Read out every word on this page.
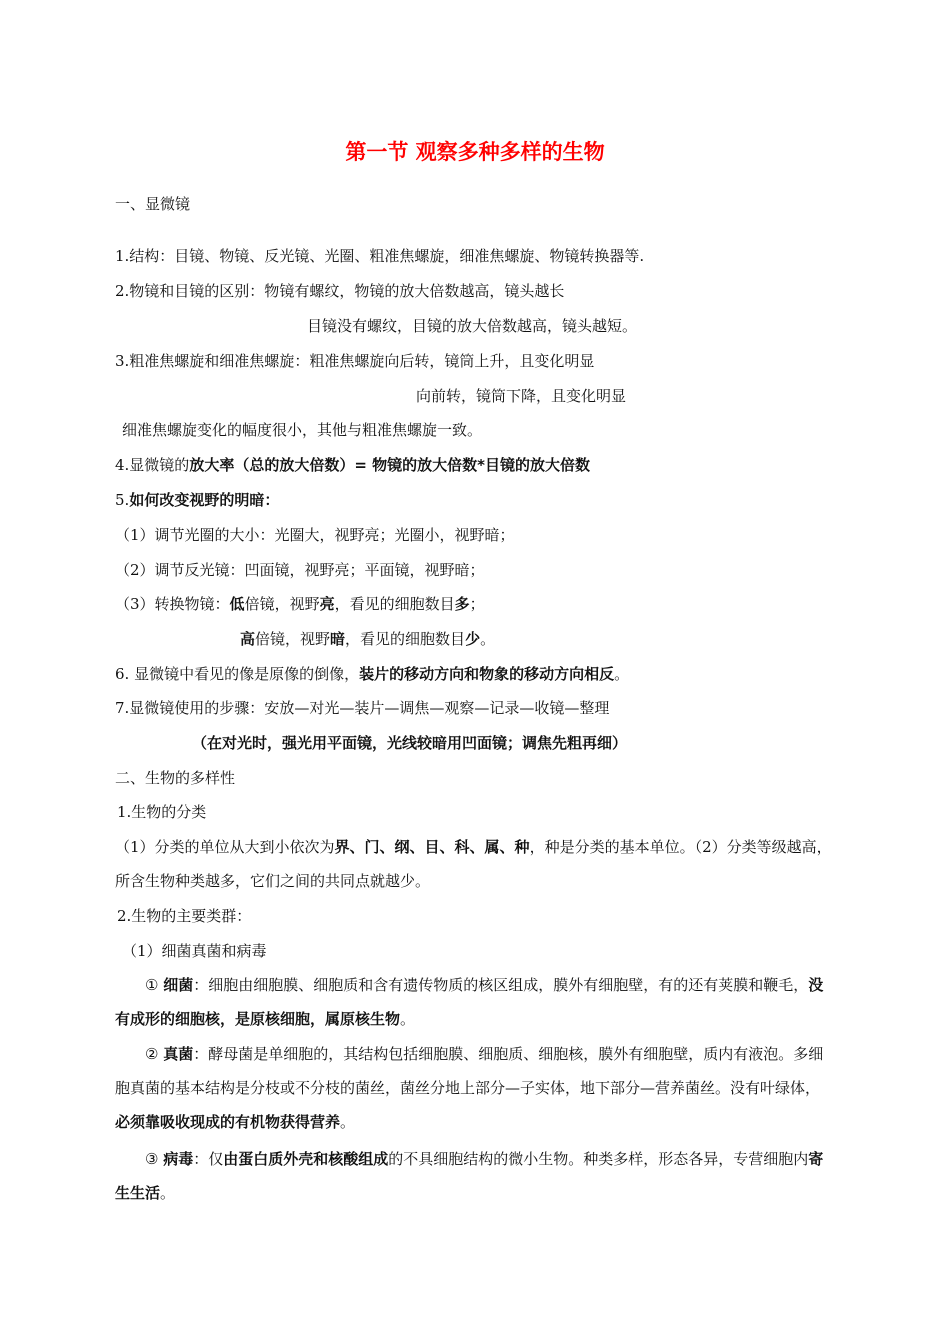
第一节 观察多种多样的生物
一、显微镜
1.结构：目镜、物镜、反光镜、光圈、粗准焦螺旋，细准焦螺旋、物镜转换器等.
2.物镜和目镜的区别：物镜有螺纹，物镜的放大倍数越高，镜头越长
目镜没有螺纹，目镜的放大倍数越高，镜头越短。
3.粗准焦螺旋和细准焦螺旋：粗准焦螺旋向后转，镜筒上升，且变化明显
向前转，镜筒下降，且变化明显
细准焦螺旋变化的幅度很小，其他与粗准焦螺旋一致。
4.显微镜的放大率（总的放大倍数）= 物镜的放大倍数*目镜的放大倍数
5.如何改变视野的明暗：
（1）调节光圈的大小：光圈大，视野亮；光圈小，视野暗；
（2）调节反光镜：凹面镜，视野亮；平面镜，视野暗；
（3）转换物镜：低倍镜，视野亮，看见的细胞数目多；
高倍镜，视野暗，看见的细胞数目少。
6. 显微镜中看见的像是原像的倒像，装片的移动方向和物象的移动方向相反。
7.显微镜使用的步骤：安放—对光—装片—调焦—观察—记录—收镜—整理
（在对光时，强光用平面镜，光线较暗用凹面镜；调焦先粗再细）
二、生物的多样性
1.生物的分类
（1）分类的单位从大到小依次为界、门、纲、目、科、属、种，种是分类的基本单位。（2）分类等级越高，所含生物种类越多，它们之间的共同点就越少。
2.生物的主要类群：
（1）细菌真菌和病毒
① 细菌：细胞由细胞膜、细胞质和含有遗传物质的核区组成，膜外有细胞壁，有的还有荚膜和鞭毛，没有成形的细胞核，是原核细胞，属原核生物。
② 真菌：酵母菌是单细胞的，其结构包括细胞膜、细胞质、细胞核，膜外有细胞壁，质内有液泡。多细胞真菌的基本结构是分枝或不分枝的菌丝，菌丝分地上部分—子实体，地下部分—营养菌丝。没有叶绿体，必须靠吸收现成的有机物获得营养。
③ 病毒：仅由蛋白质外壳和核酸组成的不具细胞结构的微小生物。种类多样，形态各异，专营细胞内寄生生活。
